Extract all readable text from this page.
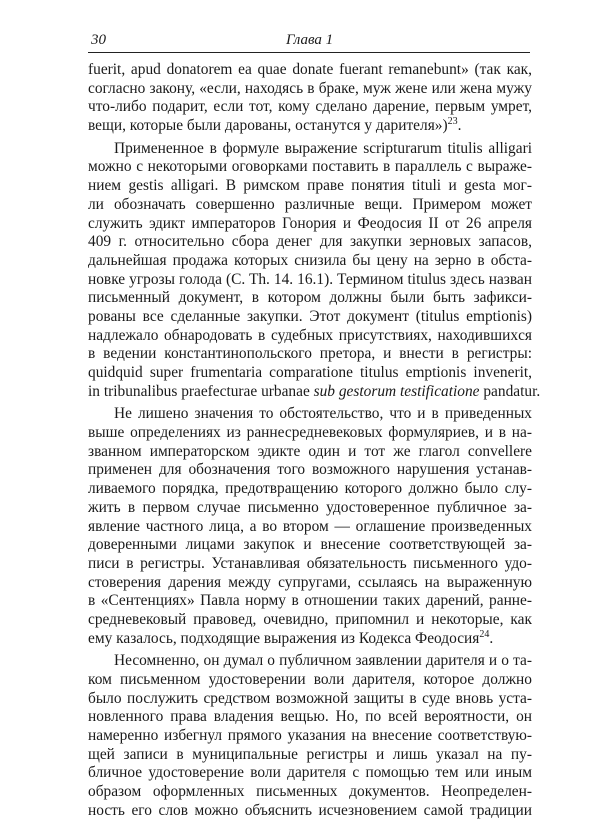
30	Глава 1
fuerit, apud donatorem ea quae donate fuerant remanebunt» (так как,
согласно закону, «если, находясь в браке, муж жене или жена мужу
что-либо подарит, если тот, кому сделано дарение, первым умрет,
вещи, которые были дарованы, останутся у дарителя»)$^{23}$.
Примененное в формуле выражение scripturarum titulis alligari
можно с некоторыми оговорками поставить в параллель с выраже-
нием gestis alligari. В римском праве понятия tituli и gesta мог-
ли обозначать совершенно различные вещи. Примером может
служить эдикт императоров Гонория и Феодосия II от 26 апреля
409 г. относительно сбора денег для закупки зерновых запасов,
дальнейшая продажа которых снизила бы цену на зерно в обста-
новке угрозы голода (C. Th. 14. 16.1). Термином titulus здесь назван
письменный документ, в котором должны были быть зафикси-
рованы все сделанные закупки. Этот документ (titulus emptionis)
надлежало обнародовать в судебных присутствиях, находившиxся
в ведении константинопольского претора, и внести в регистры:
quidquid super frumentaria comparatione titulus emptionis invenerit,
in tribunalibus praefecturae urbanae sub gestorum testificatione pandatur.
Не лишено значения то обстоятельство, что и в приведенных
выше определениях из раннесредневековых формуляриев, и в на-
званном императорском эдикте один и тот же глагол convellere
применен для обозначения того возможного нарушения устанав-
ливаемого порядка, предотвращению которого должно было слу-
жить в первом случае письменно удостоверенное публичное за-
явление частного лица, а во втором — оглашение произведенных
доверенными лицами закупок и внесение соответствующей за-
писи в регистры. Устанавливая обязательность письменного удо-
стоверения дарения между супругами, ссылаясь на выраженную
в «Сентенциях» Павла норму в отношении таких дарений, ранне-
средневековый правовед, очевидно, припомнил и некоторые, как
ему казалось, подходящие выражения из Кодекса Феодосия$^{24}$.
Несомненно, он думал о публичном заявлении дарителя и о та-
ком письменном удостоверении воли дарителя, которое должно
было послужить средством возможной защиты в суде вновь уста-
новленного права владения вещью. Но, по всей вероятности, он
намеренно избегнул прямого указания на внесение соответствую-
щей записи в муниципальные регистры и лишь указал на пу-
бличное удостоверение воли дарителя с помощью тем или иным
образом оформленных письменных документов. Неопределен-
ность его слов можно объяснить исчезновением самой традиции
